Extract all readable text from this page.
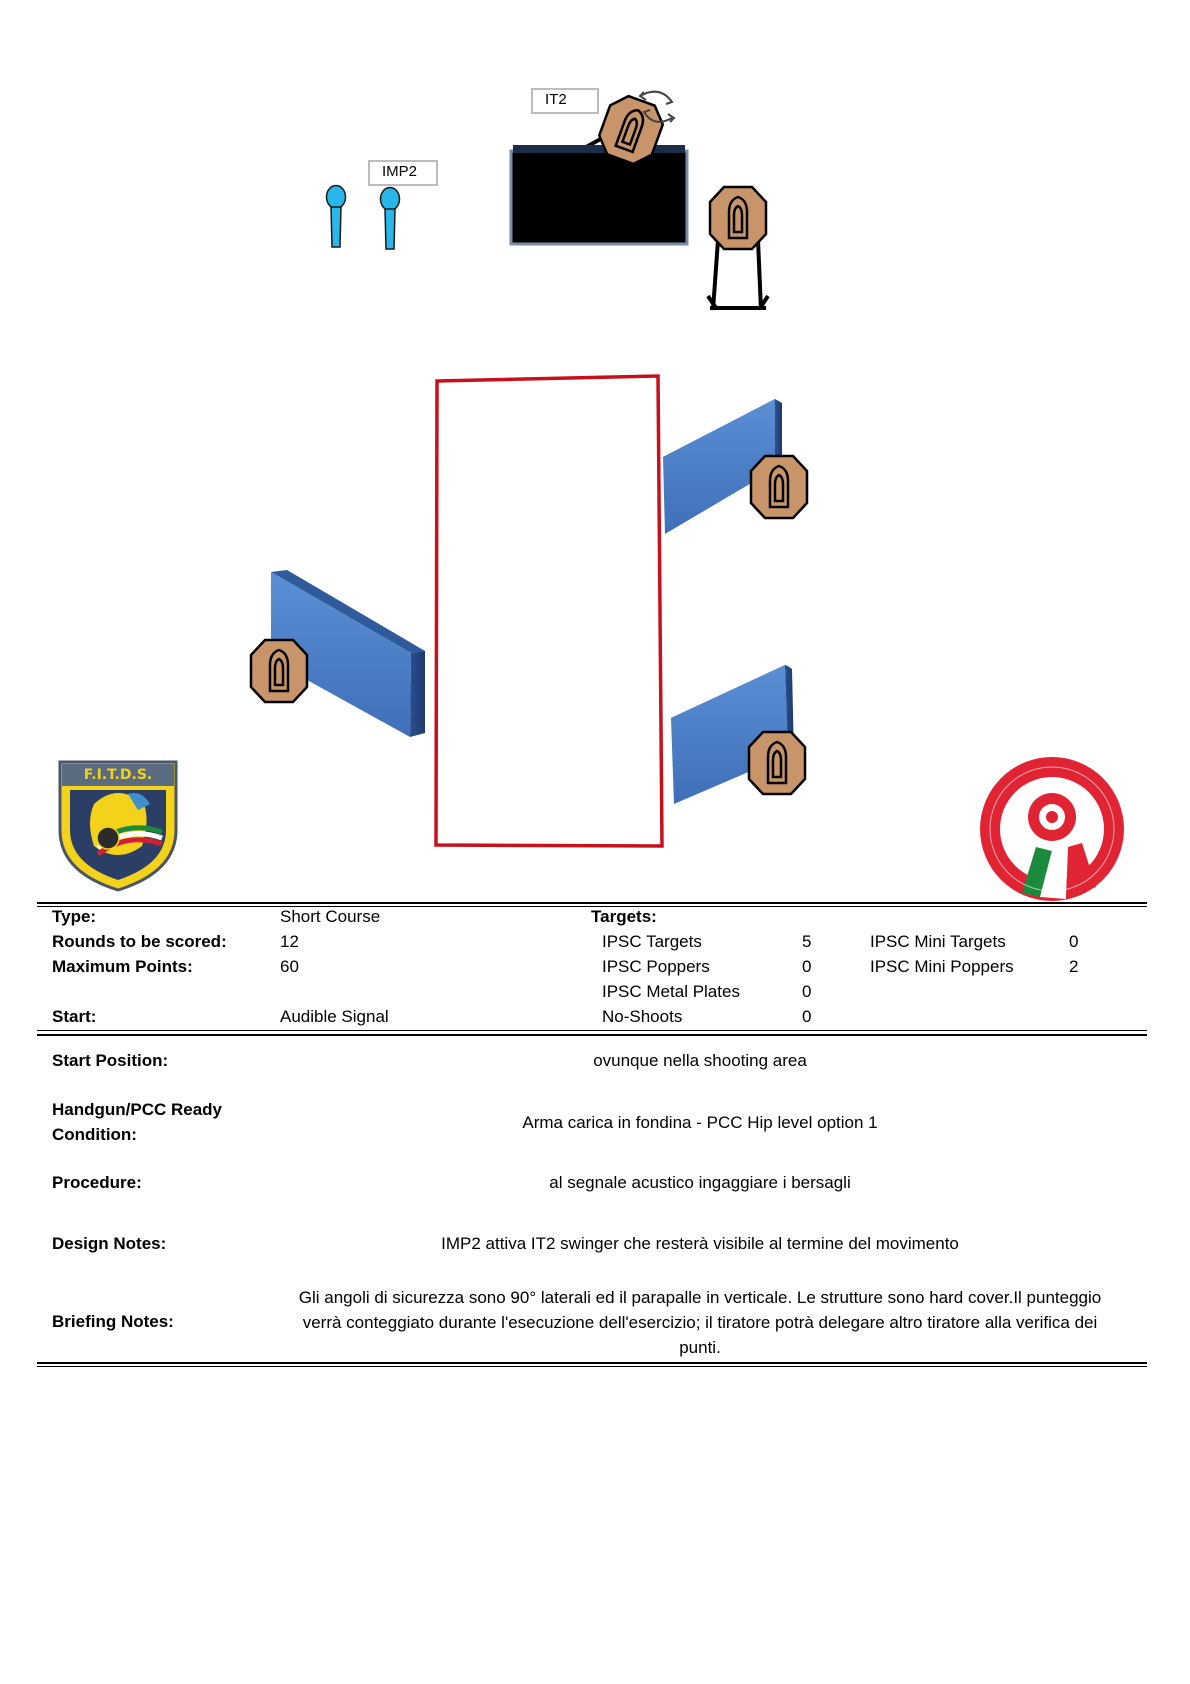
IT2
IMP2
F.I.T.D.S.
Type:	Short Course	Targets:
Rounds to be scored:	12	IPSC Targets	5	IPSC Mini Targets	0
Maximum Points:	60	IPSC Poppers	0	IPSC Mini Poppers	2
IPSC Metal Plates	0
Start:	Audible Signal	No-Shoots	0
Start Position:	ovunque nella shooting area
Handgun/PCC Ready
Condition:
Arma carica in fondina - PCC Hip level option 1
Procedure:	al segnale acustico ingaggiare i bersagli
Design Notes:	IMP2 attiva IT2 swinger che resterà visibile al termine del movimento
Briefing Notes:
Gli angoli di sicurezza sono 90° laterali ed il parapalle in verticale. Le strutture sono hard cover.Il punteggio verrà conteggiato durante l'esecuzione dell'esercizio; il tiratore potrà delegare altro tiratore alla verifica dei punti.
